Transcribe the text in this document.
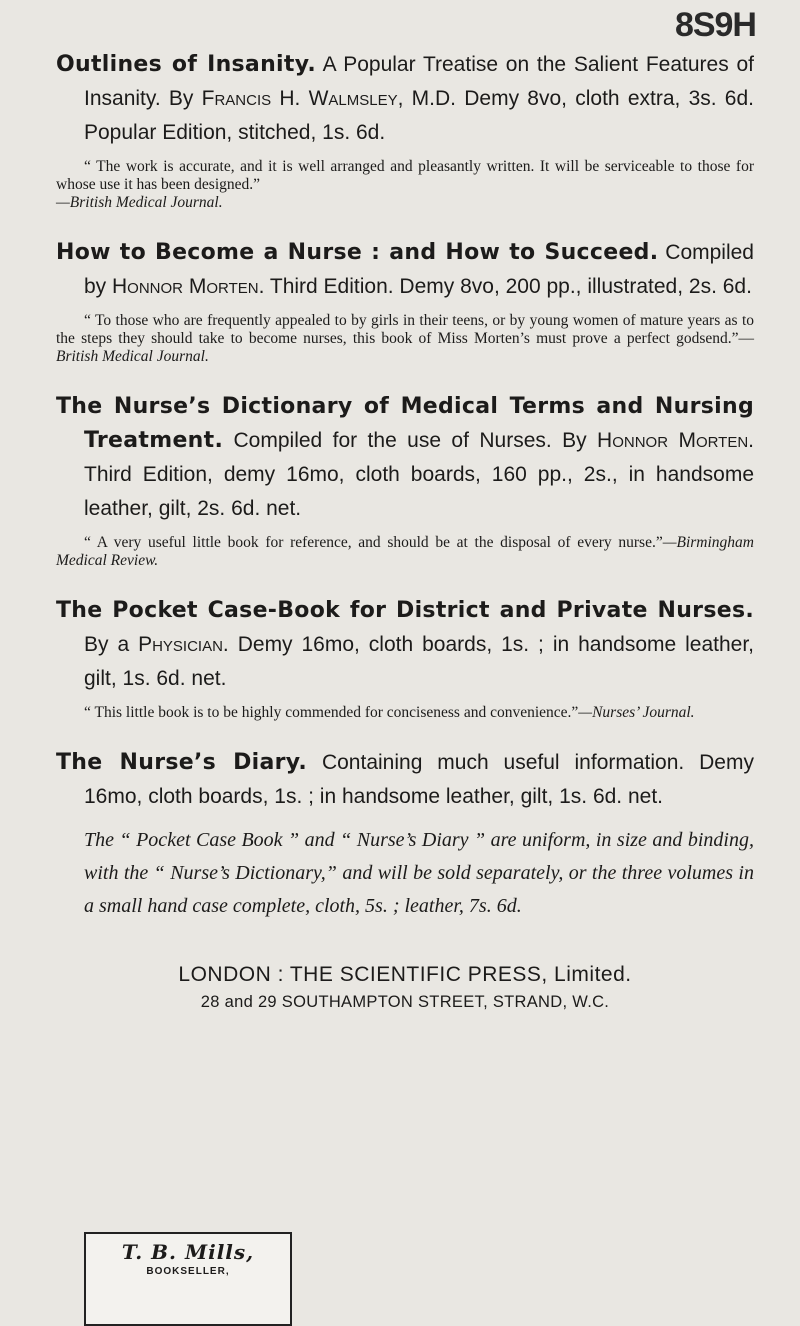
8S9H

Outlines of Insanity. A Popular Treatise on the Salient Features of Insanity. By Francis H. Walmsley, M.D. Demy 8vo, cloth extra, 3s. 6d. Popular Edition, stitched, 1s. 6d.

“ The work is accurate, and it is well arranged and pleasantly written. It will be serviceable to those for whose use it has been designed.”
—British Medical Journal.

How to Become a Nurse : and How to Succeed. Compiled by Honnor Morten. Third Edition. Demy 8vo, 200 pp., illustrated, 2s. 6d.

“ To those who are frequently appealed to by girls in their teens, or by young women of mature years as to the steps they should take to become nurses, this book of Miss Morten’s must prove a perfect godsend.”—British Medical Journal.

The Nurse’s Dictionary of Medical Terms and Nursing Treatment. Compiled for the use of Nurses. By Honnor Morten. Third Edition, demy 16mo, cloth boards, 160 pp., 2s., in handsome leather, gilt, 2s. 6d. net.

“ A very useful little book for reference, and should be at the disposal of every nurse.”—Birmingham Medical Review.

The Pocket Case-Book for District and Private Nurses. By a Physician. Demy 16mo, cloth boards, 1s. ; in handsome leather, gilt, 1s. 6d. net.

“ This little book is to be highly commended for conciseness and convenience.”—Nurses’ Journal.

The Nurse’s Diary. Containing much useful information. Demy 16mo, cloth boards, 1s. ; in handsome leather, gilt, 1s. 6d. net.

The “ Pocket Case Book ” and “ Nurse’s Diary ” are uniform, in size and binding, with the “ Nurse’s Dictionary,” and will be sold separately, or the three volumes in a small hand case complete, cloth, 5s. ; leather, 7s. 6d.

LONDON : THE SCIENTIFIC PRESS, Limited.
28 and 29 SOUTHAMPTON STREET, STRAND, W.C.
T. B. Mills,
BOOKSELLER,
